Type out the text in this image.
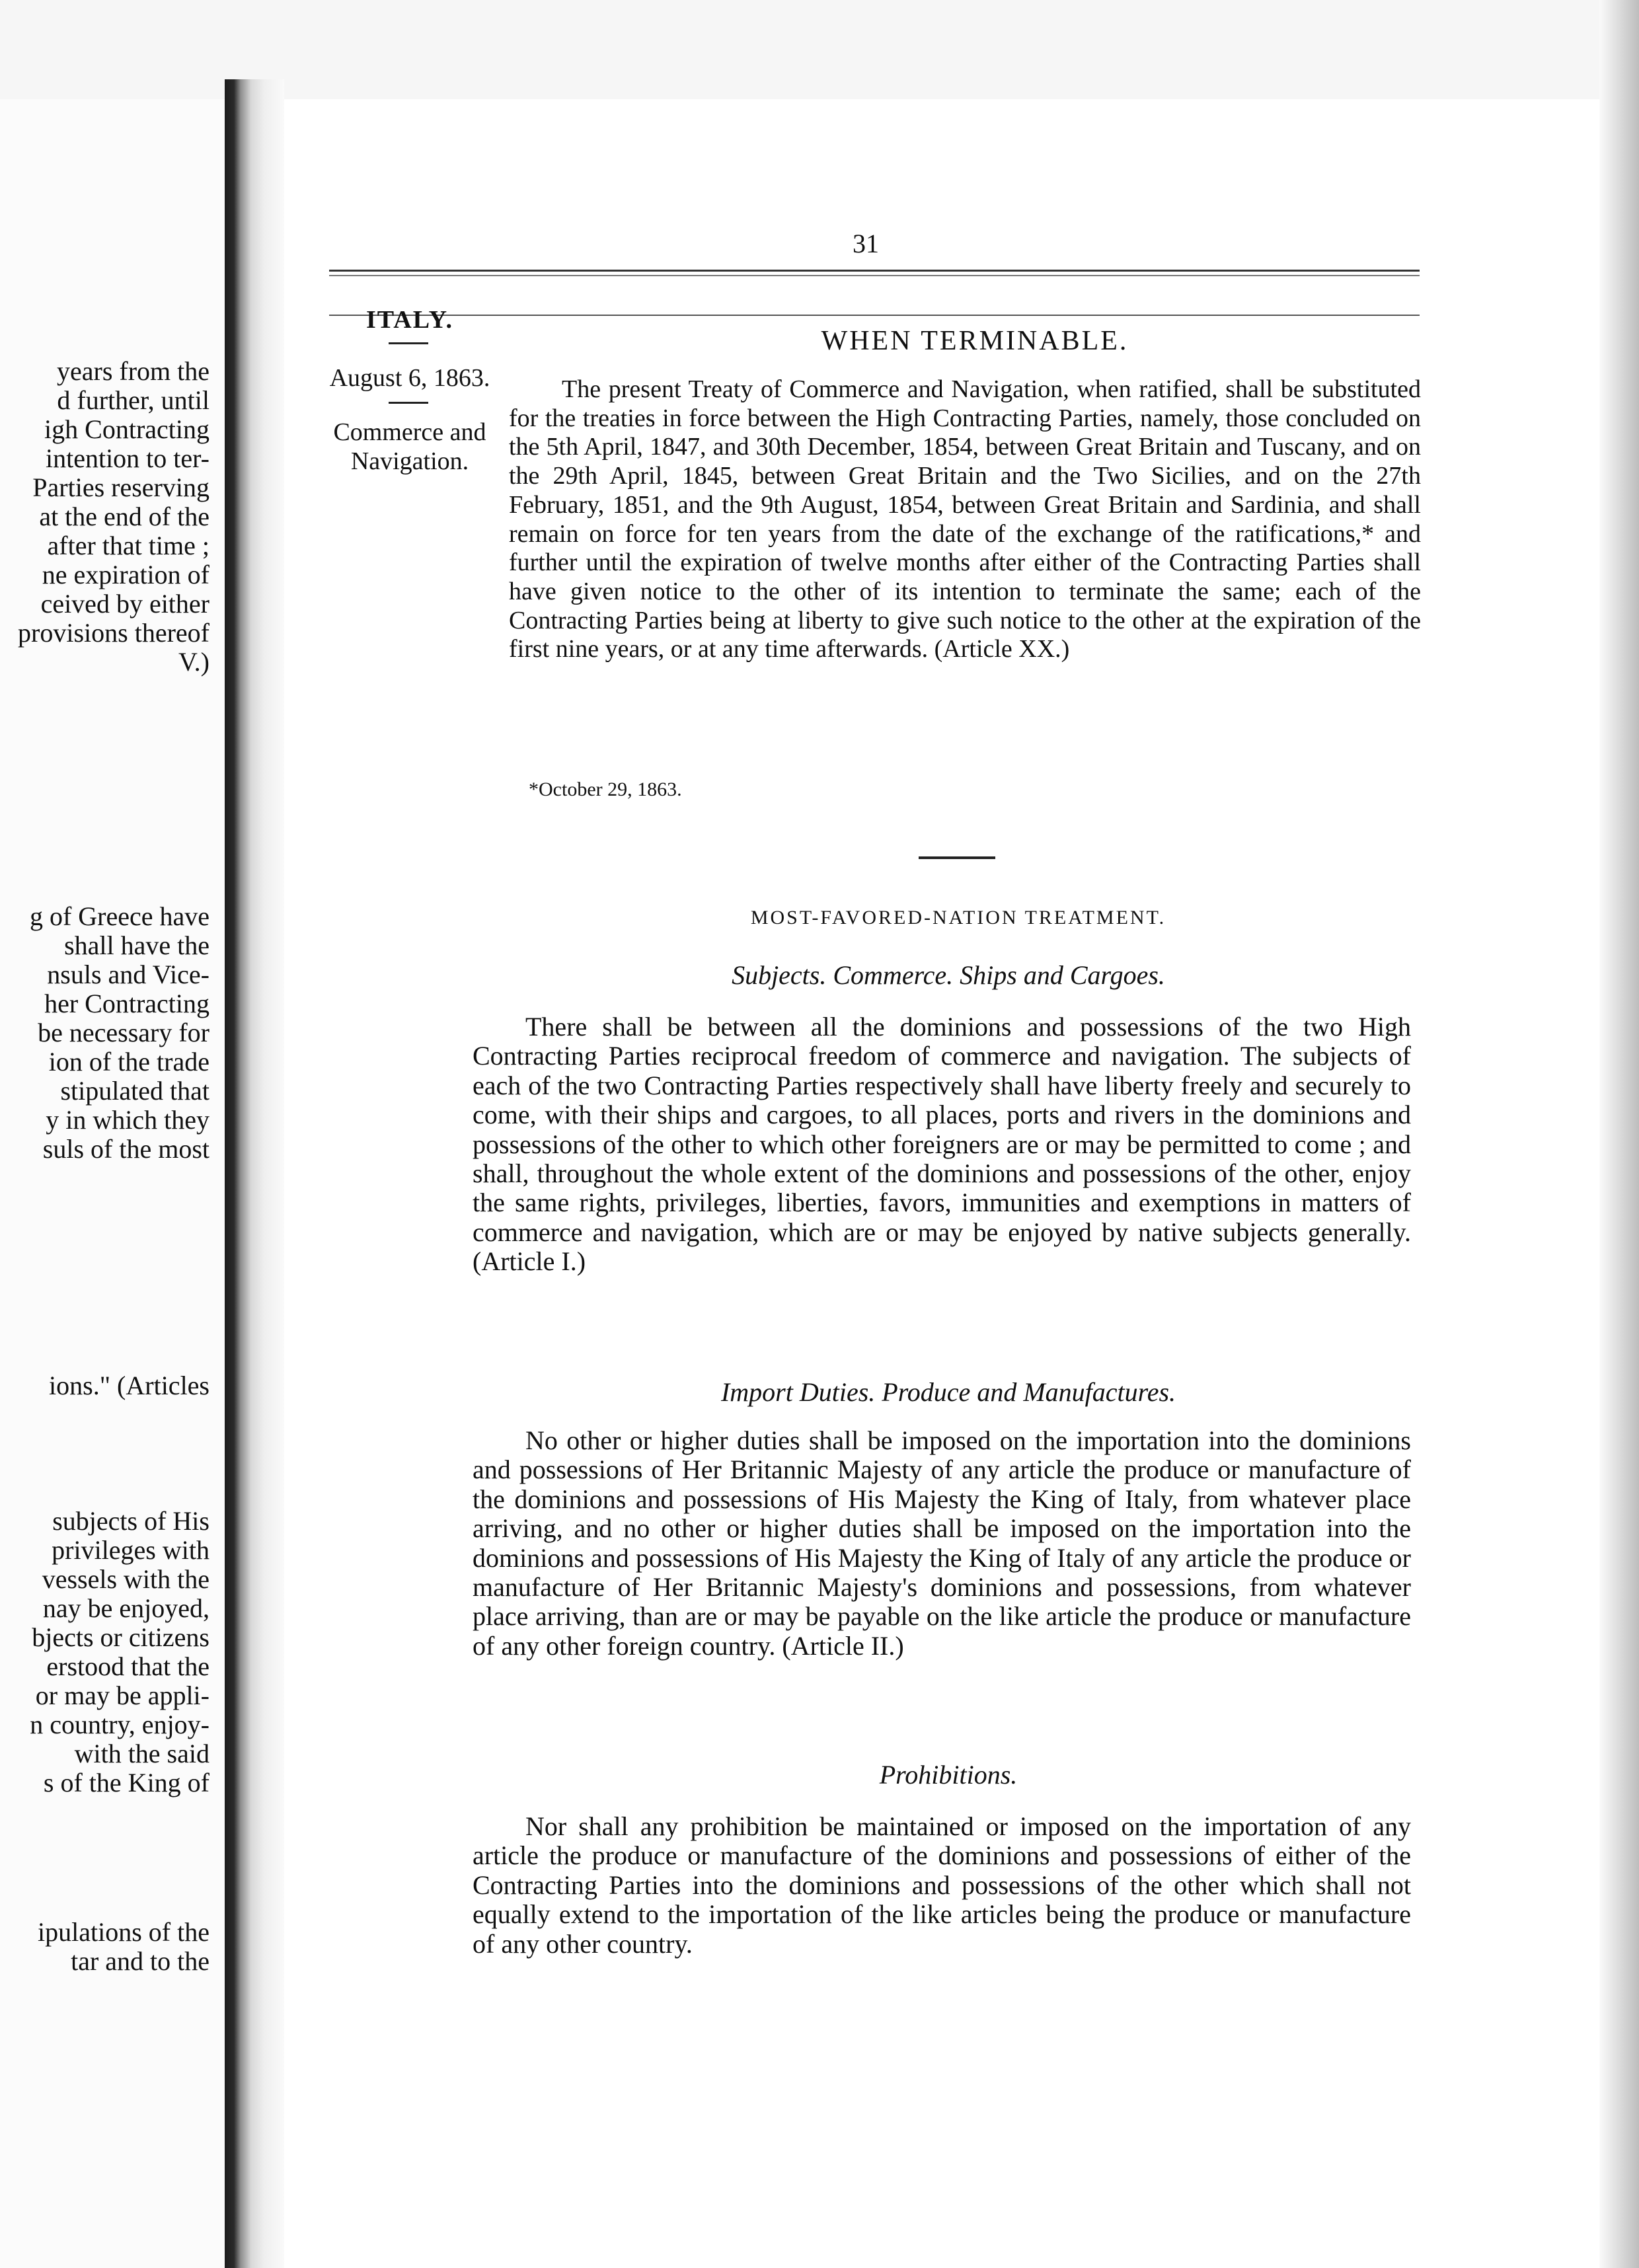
years from the
d further, until
igh Contracting
intention to ter-
Parties reserving
at the end of the
after that time ;
ne expiration of
ceived by either
provisions thereof
V.)
g of Greece have
shall have the
nsuls and Vice-
her Contracting
be necessary for
ion of the trade
stipulated that
y in which they
suls of the most
ions." (Articles
subjects of His
privileges with
vessels with the
nay be enjoyed,
bjects or citizens
erstood that the
or may be appli-
n country, enjoy-
with the said
s of the King of
ipulations of the
tar and to the
31
ITALY.
August 6, 1863.
Commerce and
Navigation.
WHEN TERMINABLE.

The present Treaty of Commerce and Navigation, when ratified, shall be substituted for the treaties in force between the High Contracting Parties, namely, those concluded on the 5th April, 1847, and 30th December, 1854, between Great Britain and Tuscany, and on the 29th April, 1845, between Great Britain and the Two Sicilies, and on the 27th February, 1851, and the 9th August, 1854, between Great Britain and Sardinia, and shall remain on force for ten years from the date of the exchange of the ratifications,* and further until the expiration of twelve months after either of the Contracting Parties shall have given notice to the other of its intention to terminate the same; each of the Contracting Parties being at liberty to give such notice to the other at the expiration of the first nine years, or at any time afterwards. (Article XX.)

*October 29, 1863.
MOST-FAVORED-NATION TREATMENT.
Subjects. Commerce. Ships and Cargoes.

There shall be between all the dominions and possessions of the two High Contracting Parties reciprocal freedom of commerce and navigation. The subjects of each of the two Contracting Parties respectively shall have liberty freely and securely to come, with their ships and cargoes, to all places, ports and rivers in the dominions and possessions of the other to which other foreigners are or may be permitted to come ; and shall, throughout the whole extent of the dominions and possessions of the other, enjoy the same rights, privileges, liberties, favors, immunities and exemptions in matters of commerce and navigation, which are or may be enjoyed by native subjects generally. (Article I.)

Import Duties. Produce and Manufactures.

No other or higher duties shall be imposed on the importation into the dominions and possessions of Her Britannic Majesty of any article the produce or manufacture of the dominions and possessions of His Majesty the King of Italy, from whatever place arriving, and no other or higher duties shall be imposed on the importation into the dominions and possessions of His Majesty the King of Italy of any article the produce or manufacture of Her Britannic Majesty's dominions and possessions, from whatever place arriving, than are or may be payable on the like article the produce or manufacture of any other foreign country. (Article II.)

Prohibitions.

Nor shall any prohibition be maintained or imposed on the importation of any article the produce or manufacture of the dominions and possessions of either of the Contracting Parties into the dominions and possessions of the other which shall not equally extend to the importation of the like articles being the produce or manufacture of any other country.
